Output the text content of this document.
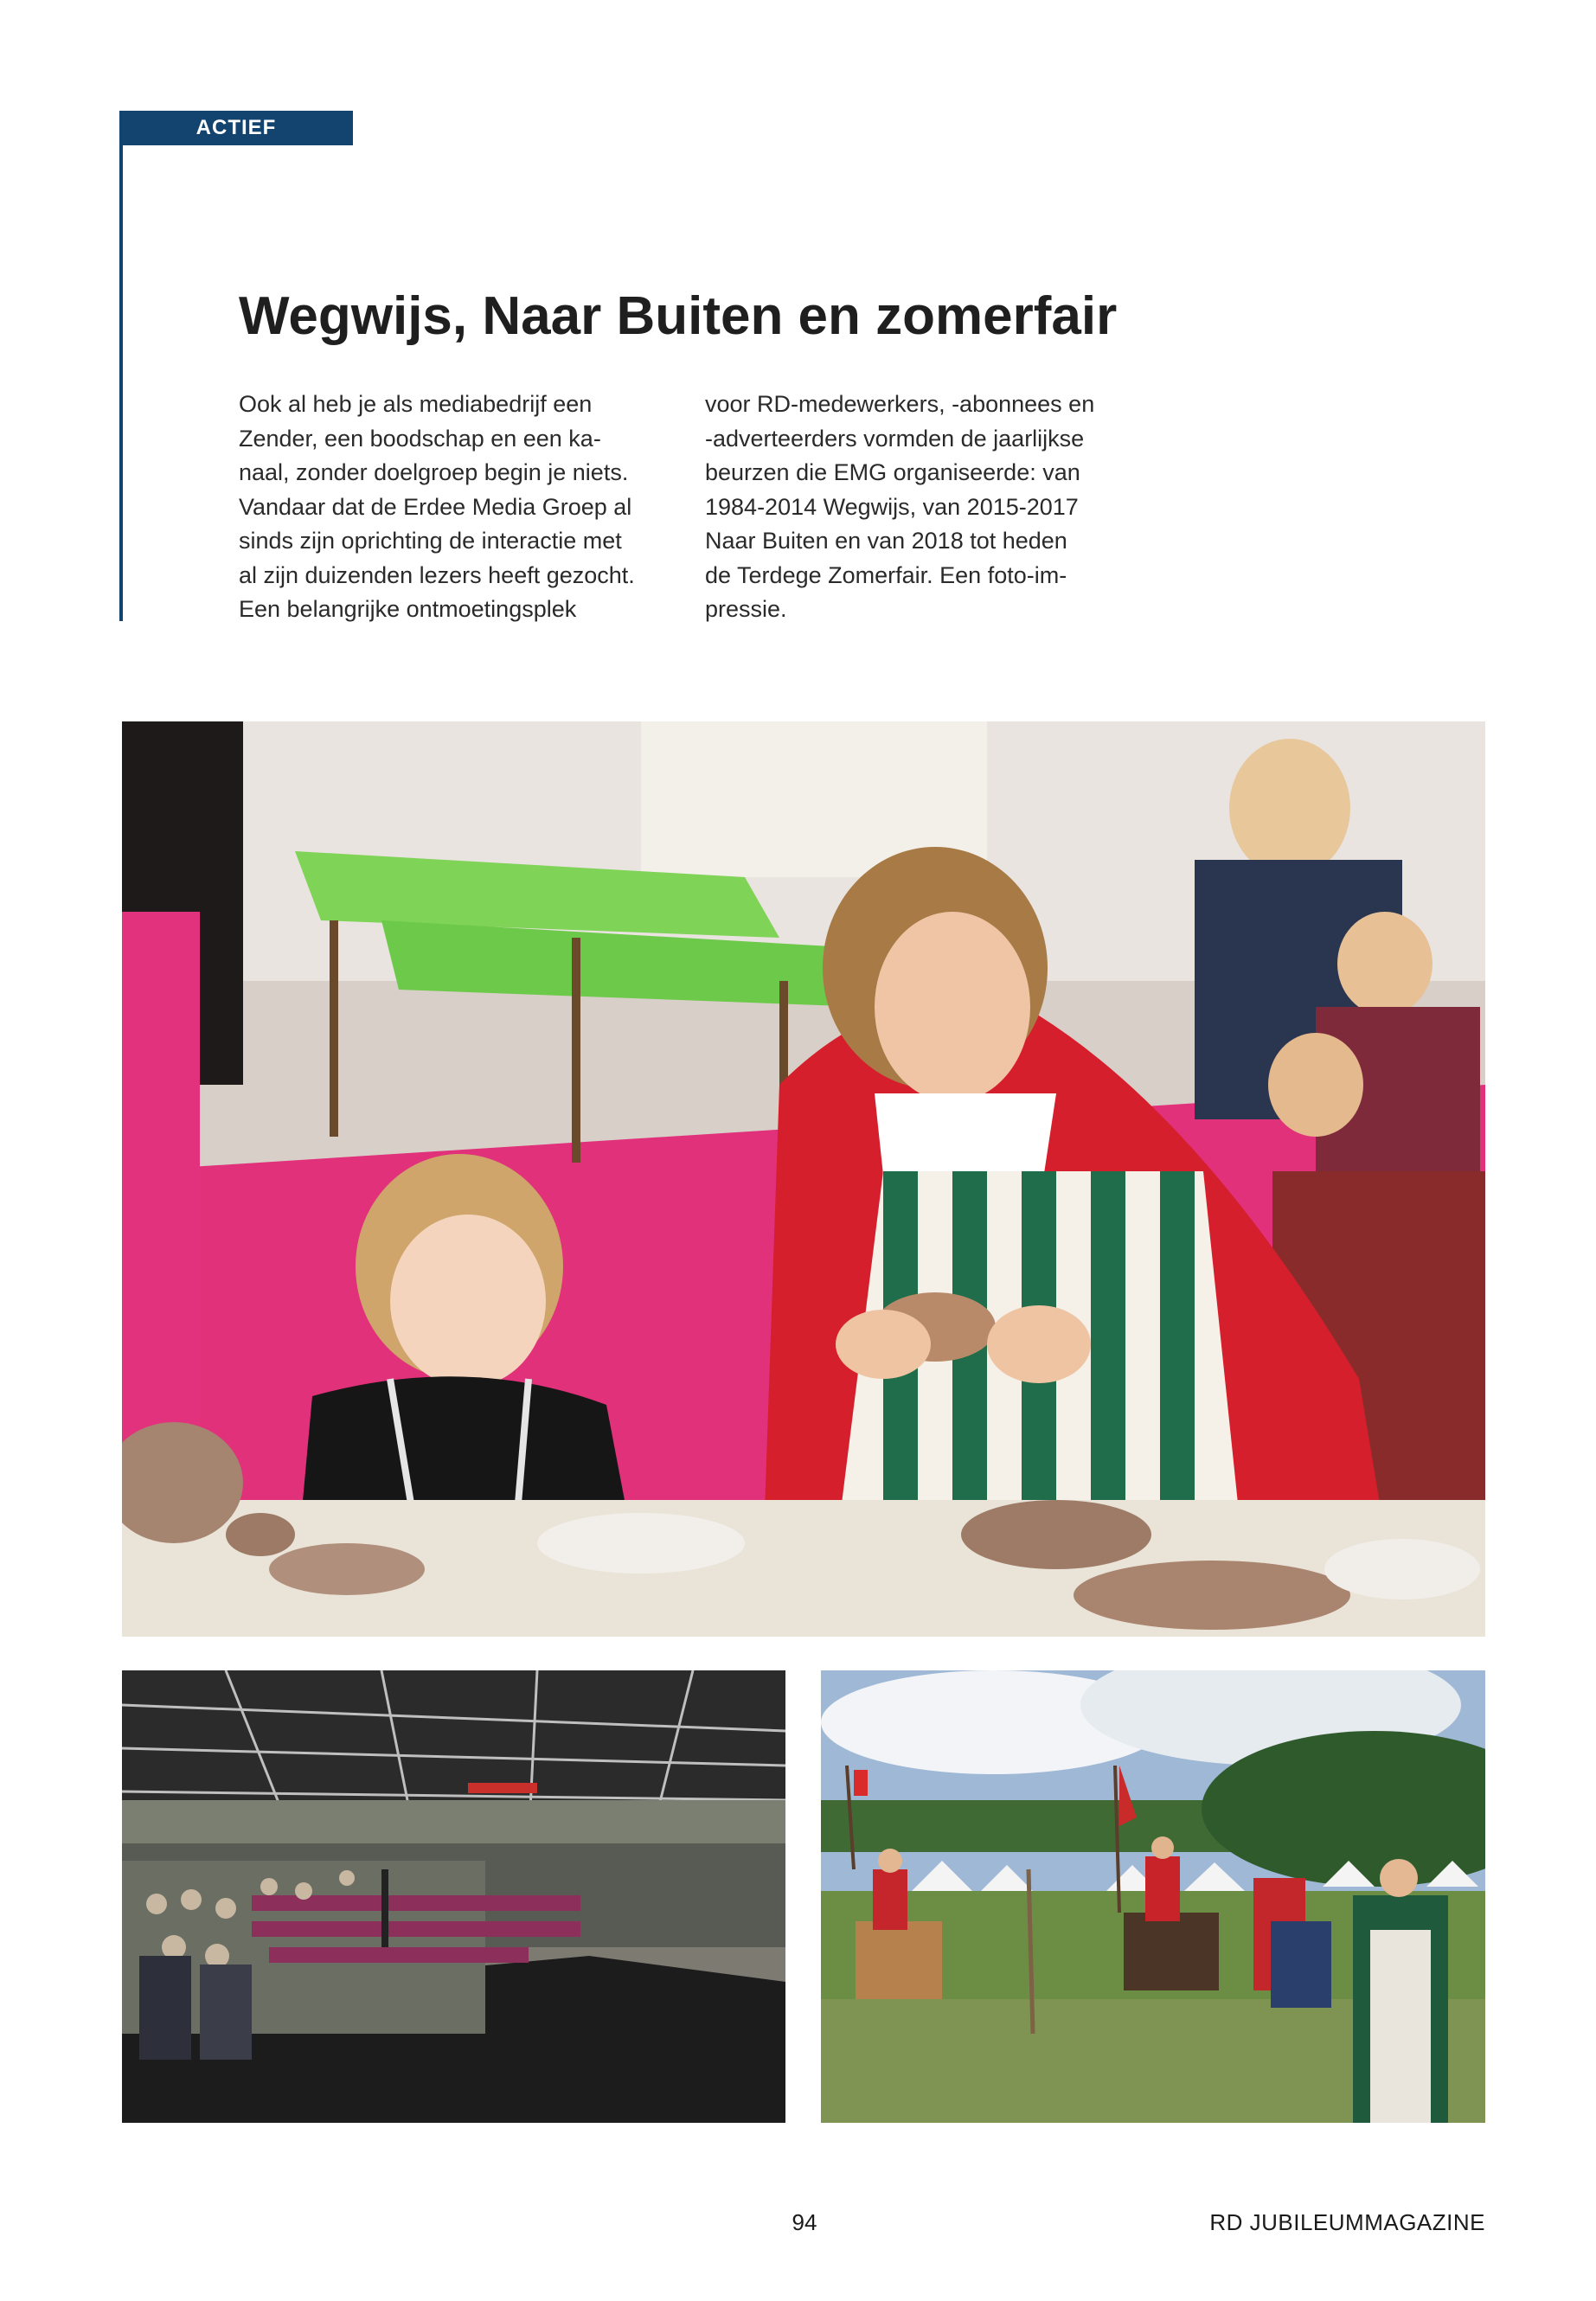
ACTIEF
Wegwijs, Naar Buiten en zomerfair

Ook al heb je als mediabedrijf een
Zender, een boodschap en een ka-
naal, zonder doelgroep begin je niets.
Vandaar dat de Erdee Media Groep al
sinds zijn oprichting de interactie met
al zijn duizenden lezers heeft gezocht.
Een belangrijke ontmoetingsplek

voor RD-medewerkers, -abonnees en
-adverteerders vormden de jaarlijkse
beurzen die EMG organiseerde: van
1984-2014 Wegwijs, van 2015-2017
Naar Buiten en van 2018 tot heden
de Terdege Zomerfair. Een foto-im-
pressie.

94	RD JUBILEUMMAGAZINE
